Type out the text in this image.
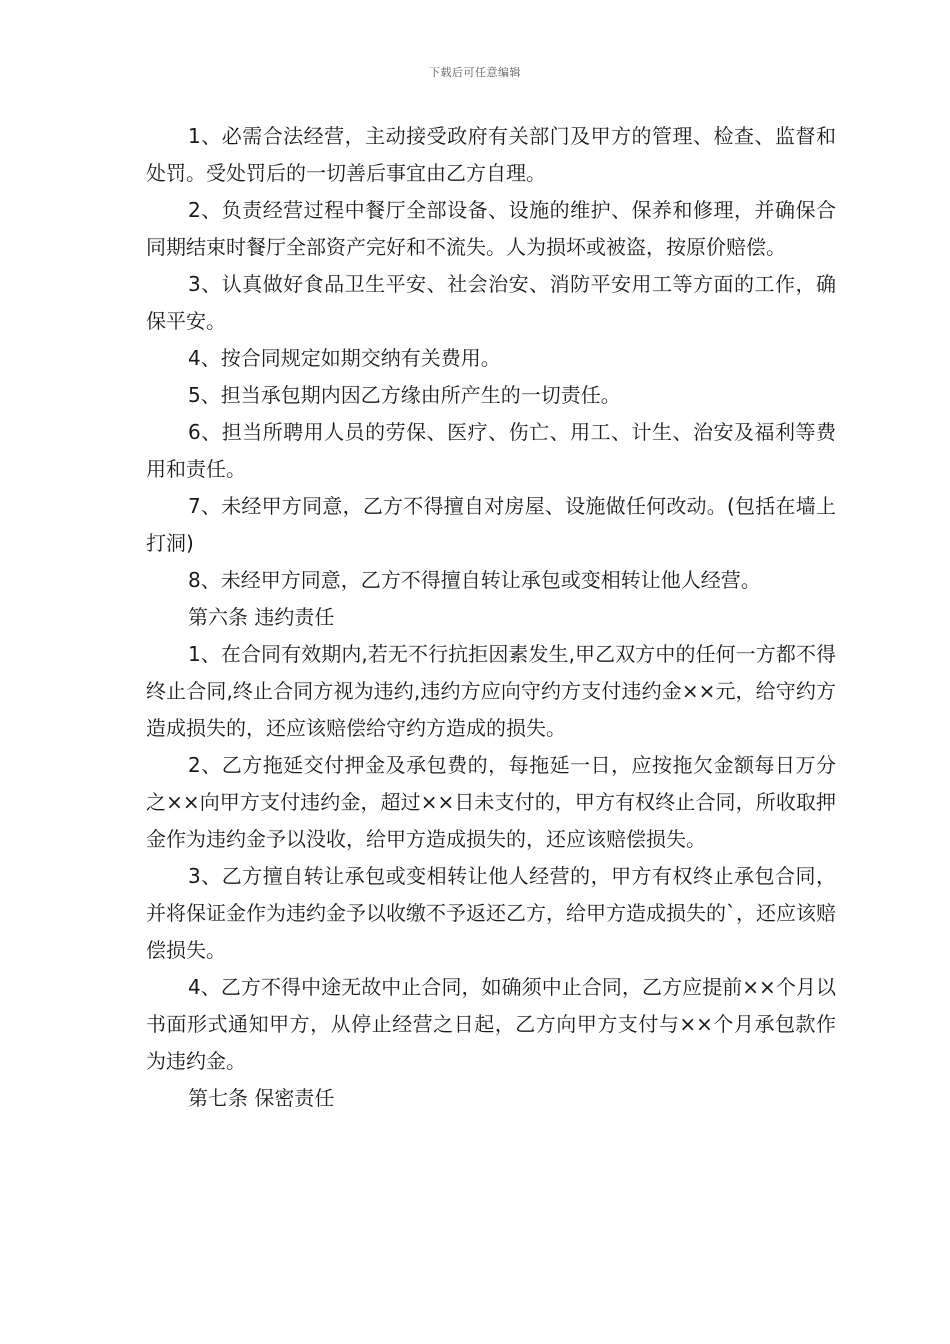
下载后可任意编辑

1、必需合法经营，主动接受政府有关部门及甲方的管理、检查、监督和处罚。受处罚后的一切善后事宜由乙方自理。

2、负责经营过程中餐厅全部设备、设施的维护、保养和修理，并确保合同期结束时餐厅全部资产完好和不流失。人为损坏或被盗，按原价赔偿。

3、认真做好食品卫生平安、社会治安、消防平安用工等方面的工作，确保平安。

4、按合同规定如期交纳有关费用。

5、担当承包期内因乙方缘由所产生的一切责任。

6、担当所聘用人员的劳保、医疗、伤亡、用工、计生、治安及福利等费用和责任。

7、未经甲方同意，乙方不得擅自对房屋、设施做任何改动。(包括在墙上打洞)

8、未经甲方同意，乙方不得擅自转让承包或变相转让他人经营。

第六条 违约责任

1、在合同有效期内,若无不行抗拒因素发生,甲乙双方中的任何一方都不得终止合同,终止合同方视为违约,违约方应向守约方支付违约金××元，给守约方造成损失的，还应该赔偿给守约方造成的损失。

2、乙方拖延交付押金及承包费的，每拖延一日，应按拖欠金额每日万分之××向甲方支付违约金，超过××日未支付的，甲方有权终止合同，所收取押金作为违约金予以没收，给甲方造成损失的，还应该赔偿损失。

3、乙方擅自转让承包或变相转让他人经营的，甲方有权终止承包合同，并将保证金作为违约金予以收缴不予返还乙方，给甲方造成损失的`，还应该赔偿损失。

4、乙方不得中途无故中止合同，如确须中止合同，乙方应提前××个月以书面形式通知甲方，从停止经营之日起，乙方向甲方支付与××个月承包款作为违约金。

第七条 保密责任
